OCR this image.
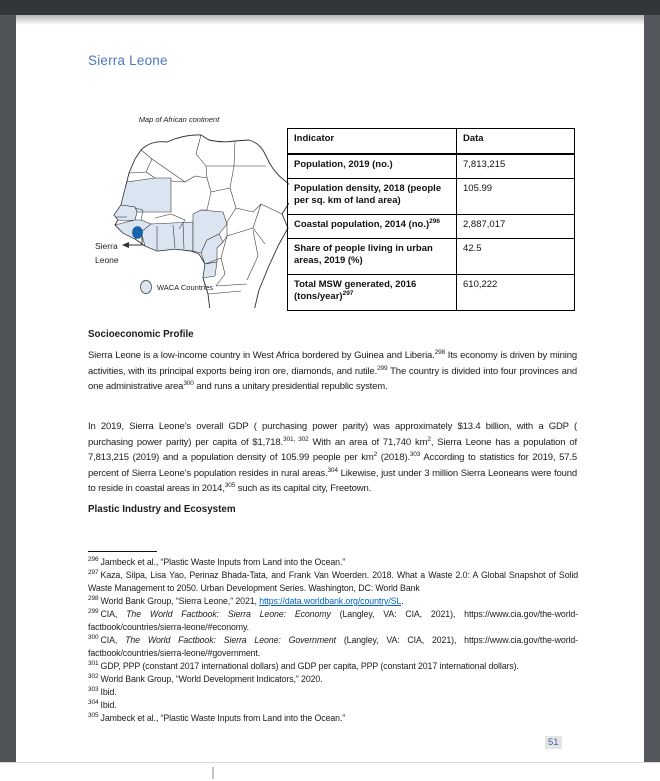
Sierra Leone
Map of African continent
Sierra
Leone
WACA Countries
Indicator	Data
Population, 2019 (no.)	7,813,215
Population density, 2018 (people per sq. km of land area)	105.99
Coastal population, 2014 $(no.)^{296}$	2,887,017
Share of people living in urban areas, 2019 (%)	42.5
Total MSW generated, 2016 (tons/year)$^{297}$	610,222
Socioeconomic Profile
Sierra Leone is a low-income country in West Africa bordered by Guinea and Liberia.$^{298}$ Its economy is driven by mining activities, with its principal exports being iron ore, diamonds, and rutile.$^{299}$ The country is divided into four provinces and one administrative area$^{300}$ and runs a unitary presidential republic system.
In 2019, Sierra Leone’s overall GDP ( purchasing power parity) was approximately $13.4 billion, with a GDP ( purchasing power parity) per capita of $1,718.$^{301, 302}$ With an area of 71,740 $km^2$, Sierra Leone has a population of 7,813,215 (2019) and a population density of 105.99 people per $km^2$ (2018).$^{303}$ According to statistics for 2019, 57.5 percent of Sierra Leone’s population resides in rural areas.$^{304}$ Likewise, just under 3 million Sierra Leoneans were found to reside in coastal areas in 2014,$^{305}$ such as its capital city, Freetown.
Plastic Industry and Ecosystem
$^{296}$ Jambeck et al., “Plastic Waste Inputs from Land into the Ocean.”
$^{297}$ Kaza, Silpa, Lisa Yao, Perinaz Bhada-Tata, and Frank Van Woerden. 2018. What a Waste 2.0: A Global Snapshot of Solid Waste Management to 2050. Urban Development Series. Washington, DC: World Bank
$^{298}$ World Bank Group, “Sierra Leone,” 2021, https://data.worldbank.org/country/SL.
$^{299}$ CIA, The World Factbook: Sierra Leone: Economy (Langley, VA: CIA, 2021), https://www.cia.gov/the-world-factbook/countries/sierra-leone/#economy.
$^{300}$ CIA, The World Factbook: Sierra Leone: Government (Langley, VA: CIA, 2021), https://www.cia.gov/the-world-factbook/countries/sierra-leone/#government.
$^{301}$ GDP, PPP (constant 2017 international dollars) and GDP per capita, PPP (constant 2017 international dollars).
$^{302}$ World Bank Group, “World Development Indicators,” 2020.
$^{303}$ Ibid.
$^{304}$ Ibid.
$^{305}$ Jambeck et al., “Plastic Waste Inputs from Land into the Ocean.”
51
